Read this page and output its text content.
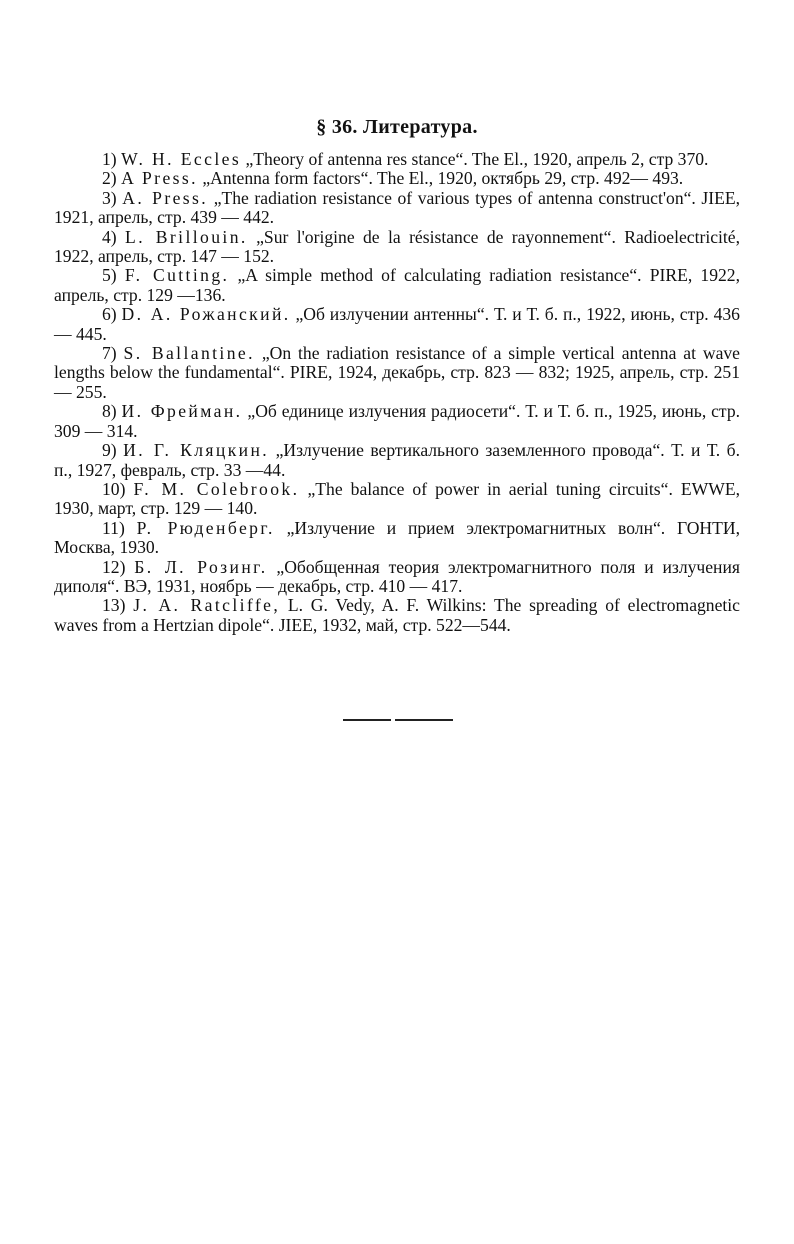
§ 36. Литература.

1) W. H. Eccles „Theory of antenna res stance“. The El., 1920, апрель 2, стр 370.

2) A Press. „Antenna form factors“. The El., 1920, октябрь 29, стр. 492— 493.

3) A. Press. „The radiation resistance of various types of antenna construct'on“. JIEE, 1921, апрель, стр. 439 — 442.

4) L. Brillouin. „Sur l'origine de la résistance de rayonnement“. Radioelectricité, 1922, апрель, стр. 147 — 152.

5) F. Cutting. „A simple method of calculating radiation resistance“. PIRE, 1922, апрель, стр. 129 —136.

6) D. А. Рожанский. „Об излучении антенны“. Т. и Т. б. п., 1922, июнь, стр. 436 — 445.

7) S. Ballantine. „On the radiation resistance of a simple vertical antenna at wave lengths below the fundamental“. PIRE, 1924, декабрь, стр. 823 — 832; 1925, апрель, стр. 251 — 255.

8) И. Фрейман. „Об единице излучения радиосети“. Т. и Т. б. п., 1925, июнь, стр. 309 — 314.

9) И. Г. Кляцкин. „Излучение вертикального заземленного провода“. Т. и Т. б. п., 1927, февраль, стр. 33 —44.

10) F. M. Colebrook. „The balance of power in aerial tuning circuits“. EWWE, 1930, март, стр. 129 — 140.

11) Р. Рюденберг. „Излучение и прием электромагнитных волн“. ГОНТИ, Москва, 1930.

12) Б. Л. Розинг. „Обобщенная теория электромагнитного поля и излучения диполя“. ВЭ, 1931, ноябрь — декабрь, стр. 410 — 417.

13) J. A. Ratcliffe, L. G. Vedy, A. F. Wilkins: The spreading of electromagnetic waves from a Hertzian dipole“. JIEE, 1932, май, стр. 522—544.
